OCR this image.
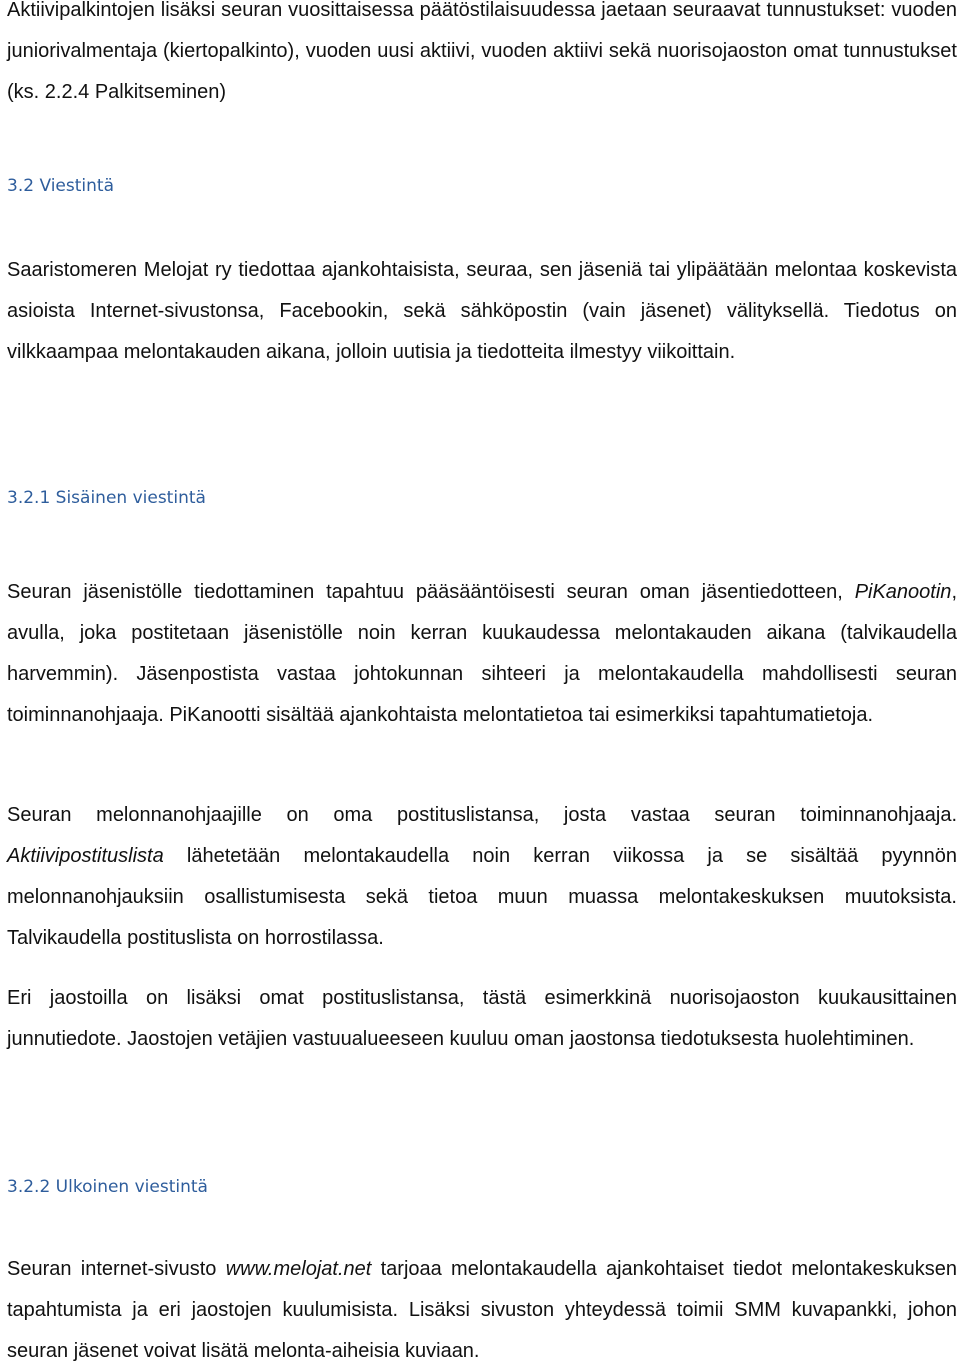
Aktiivipalkintojen lisäksi seuran vuosittaisessa päätöstilaisuudessa jaetaan seuraavat tunnustukset: vuoden juniorivalmentaja (kiertopalkinto), vuoden uusi aktiivi, vuoden aktiivi sekä nuorisojaoston omat tunnustukset (ks. 2.2.4 Palkitseminen)

3.2 Viestintä

Saaristomeren Melojat ry tiedottaa ajankohtaisista, seuraa, sen jäseniä tai ylipäätään melontaa koskevista asioista Internet-sivustonsa, Facebookin, sekä sähköpostin (vain jäsenet) välityksellä. Tiedotus on vilkkaampaa melontakauden aikana, jolloin uutisia ja tiedotteita ilmestyy viikoittain.

3.2.1 Sisäinen viestintä

Seuran jäsenistölle tiedottaminen tapahtuu pääsääntöisesti seuran oman jäsentiedotteen, PiKanootin, avulla, joka postitetaan jäsenistölle noin kerran kuukaudessa melontakauden aikana (talvikaudella harvemmin). Jäsenpostista vastaa johtokunnan sihteeri ja melontakaudella mahdollisesti seuran toiminnanohjaaja. PiKanootti sisältää ajankohtaista melontatietoa tai esimerkiksi tapahtumatietoja.

Seuran melonnanohjaajille on oma postituslistansa, josta vastaa seuran toiminnanohjaaja. Aktiivipostituslista lähetetään melontakaudella noin kerran viikossa ja se sisältää pyynnön melonnanohjauksiin osallistumisesta sekä tietoa muun muassa melontakeskuksen muutoksista. Talvikaudella postituslista on horrostilassa.

Eri jaostoilla on lisäksi omat postituslistansa, tästä esimerkkinä nuorisojaoston kuukausittainen junnutiedote. Jaostojen vetäjien vastuualueeseen kuuluu oman jaostonsa tiedotuksesta huolehtiminen.

3.2.2 Ulkoinen viestintä

Seuran internet-sivusto www.melojat.net tarjoaa melontakaudella ajankohtaiset tiedot melontakeskuksen tapahtumista ja eri jaostojen kuulumisista. Lisäksi sivuston yhteydessä toimii SMM kuvapankki, johon seuran jäsenet voivat lisätä melonta-aiheisia kuviaan.
